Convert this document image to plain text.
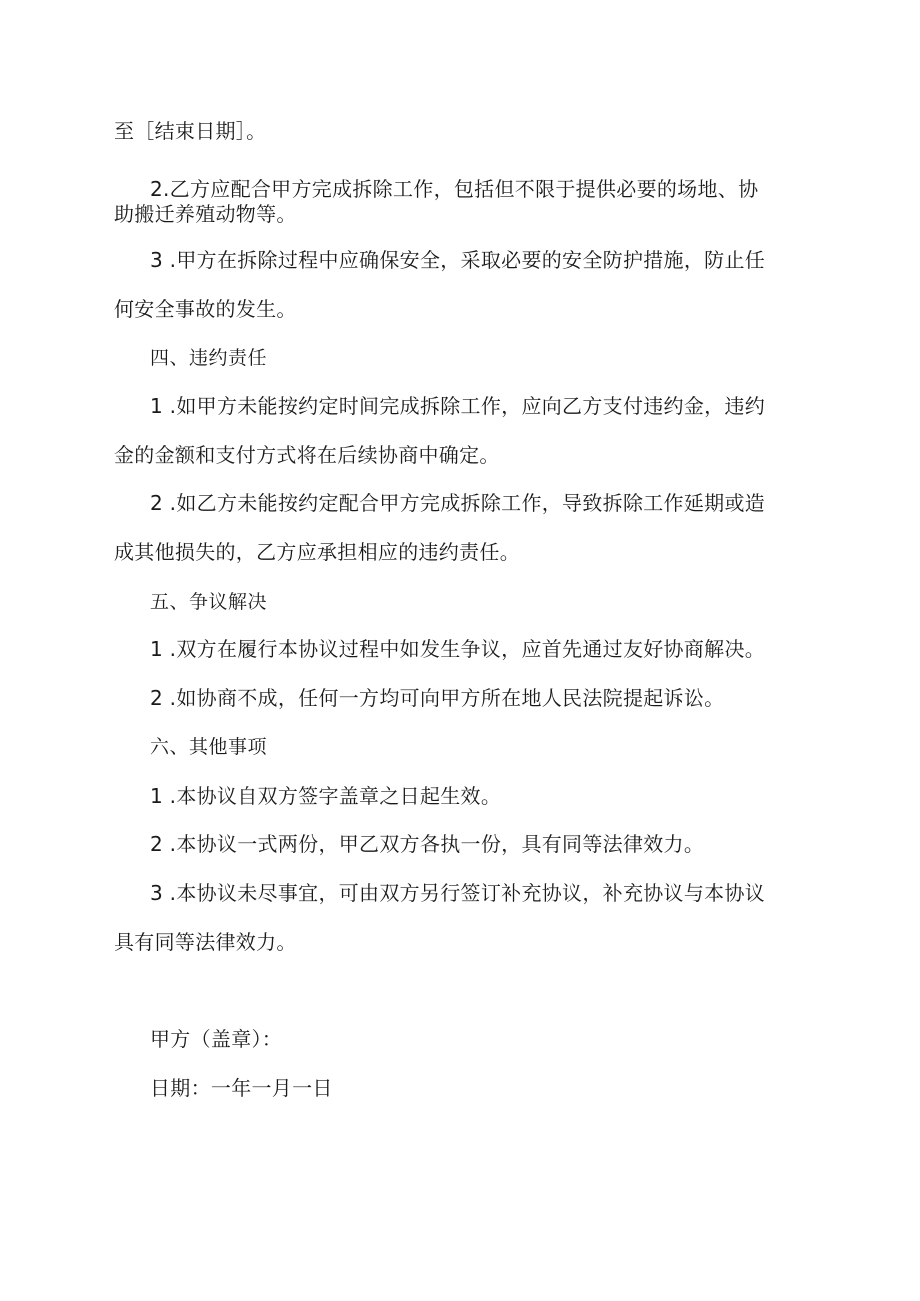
至［结束日期］。
2.乙方应配合甲方完成拆除工作，包括但不限于提供必要的场地、协
助搬迁养殖动物等。
3 .甲方在拆除过程中应确保安全，采取必要的安全防护措施，防止任
何安全事故的发生。
四、违约责任
1 .如甲方未能按约定时间完成拆除工作，应向乙方支付违约金，违约
金的金额和支付方式将在后续协商中确定。
2 .如乙方未能按约定配合甲方完成拆除工作，导致拆除工作延期或造
成其他损失的，乙方应承担相应的违约责任。
五、争议解决
1 .双方在履行本协议过程中如发生争议，应首先通过友好协商解决。
2 .如协商不成，任何一方均可向甲方所在地人民法院提起诉讼。
六、其他事项
1 .本协议自双方签字盖章之日起生效。
2 .本协议一式两份，甲乙双方各执一份，具有同等法律效力。
3 .本协议未尽事宜，可由双方另行签订补充协议，补充协议与本协议
具有同等法律效力。
甲方（盖章）：
日期：一年一月一日
